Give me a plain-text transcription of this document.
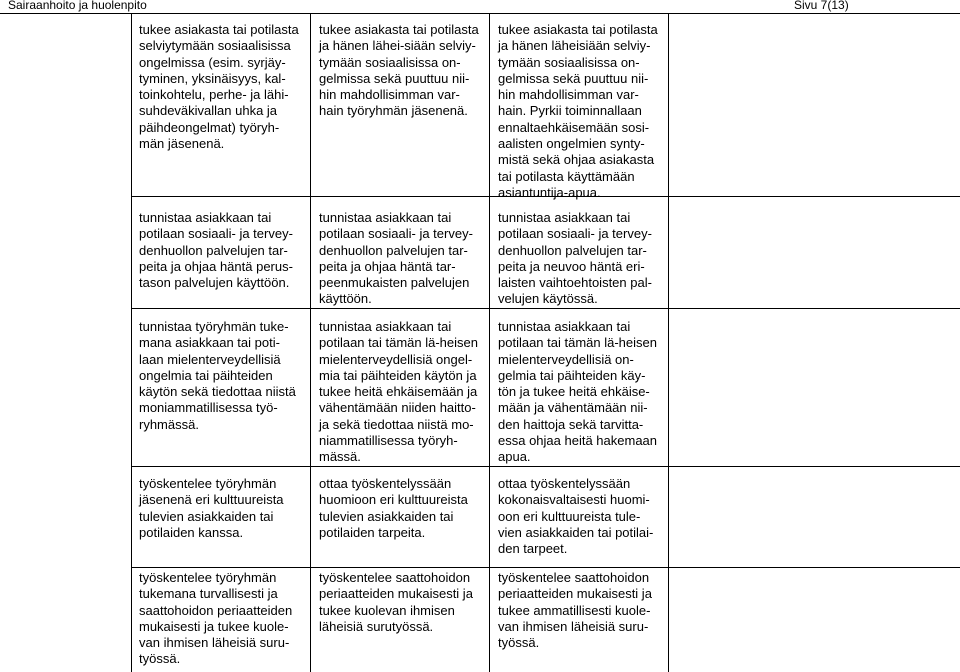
Sairaanhoito ja huolenpito	Sivu 7(13)
tukee asiakasta tai potilasta
selviytymään sosiaalisissa
ongelmissa (esim. syrjäy-
tyminen, yksinäisyys, kal-
toinkohtelu, perhe- ja lähi-
suhdeväkivallan uhka ja
päihdeongelmat) työryh-
män jäsenenä.
tukee asiakasta tai potilasta
ja hänen lähei-siään selviy-
tymään sosiaalisissa on-
gelmissa sekä puuttuu nii-
hin mahdollisimman var-
hain työryhmän jäsenenä.
tukee asiakasta tai potilasta
ja hänen läheisiään selviy-
tymään sosiaalisissa on-
gelmissa sekä puuttuu nii-
hin mahdollisimman var-
hain. Pyrkii toiminnallaan
ennaltaehkäisemään sosi-
aalisten ongelmien synty-
mistä sekä ohjaa asiakasta
tai potilasta käyttämään
asiantuntija-apua.
tunnistaa asiakkaan tai
potilaan sosiaali- ja tervey-
denhuollon palvelujen tar-
peita ja ohjaa häntä perus-
tason palvelujen käyttöön.
tunnistaa asiakkaan tai
potilaan sosiaali- ja tervey-
denhuollon palvelujen tar-
peita ja ohjaa häntä tar-
peenmukaisten palvelujen
käyttöön.
tunnistaa asiakkaan tai
potilaan sosiaali- ja tervey-
denhuollon palvelujen tar-
peita ja neuvoo häntä eri-
laisten vaihtoehtoisten pal-
velujen käytössä.
tunnistaa työryhmän tuke-
mana asiakkaan tai poti-
laan mielenterveydellisiä
ongelmia tai päihteiden
käytön sekä tiedottaa niistä
moniammatillisessa työ-
ryhmässä.
tunnistaa asiakkaan tai
potilaan tai tämän lä-heisen
mielenterveydellisiä ongel-
mia tai päihteiden käytön ja
tukee heitä ehkäisemään ja
vähentämään niiden haitto-
ja sekä tiedottaa niistä mo-
niammatillisessa työryh-
mässä.
tunnistaa asiakkaan tai
potilaan tai tämän lä-heisen
mielenterveydellisiä on-
gelmia tai päihteiden käy-
tön ja tukee heitä ehkäise-
mään ja vähentämään nii-
den haittoja sekä tarvitta-
essa ohjaa heitä hakemaan
apua.
työskentelee työryhmän
jäsenenä eri kulttuureista
tulevien asiakkaiden tai
potilaiden kanssa.
ottaa työskentelyssään
huomioon eri kulttuureista
tulevien asiakkaiden tai
potilaiden tarpeita.
ottaa työskentelyssään
kokonaisvaltaisesti huomi-
oon eri kulttuureista tule-
vien asiakkaiden tai potilai-
den tarpeet.
työskentelee työryhmän
tukemana turvallisesti ja
saattohoidon periaatteiden
mukaisesti ja tukee kuole-
van ihmisen läheisiä suru-
työssä.
työskentelee saattohoidon
periaatteiden mukaisesti ja
tukee kuolevan ihmisen
läheisiä surutyössä.
työskentelee saattohoidon
periaatteiden mukaisesti ja
tukee ammatillisesti kuole-
van ihmisen läheisiä suru-
työssä.
